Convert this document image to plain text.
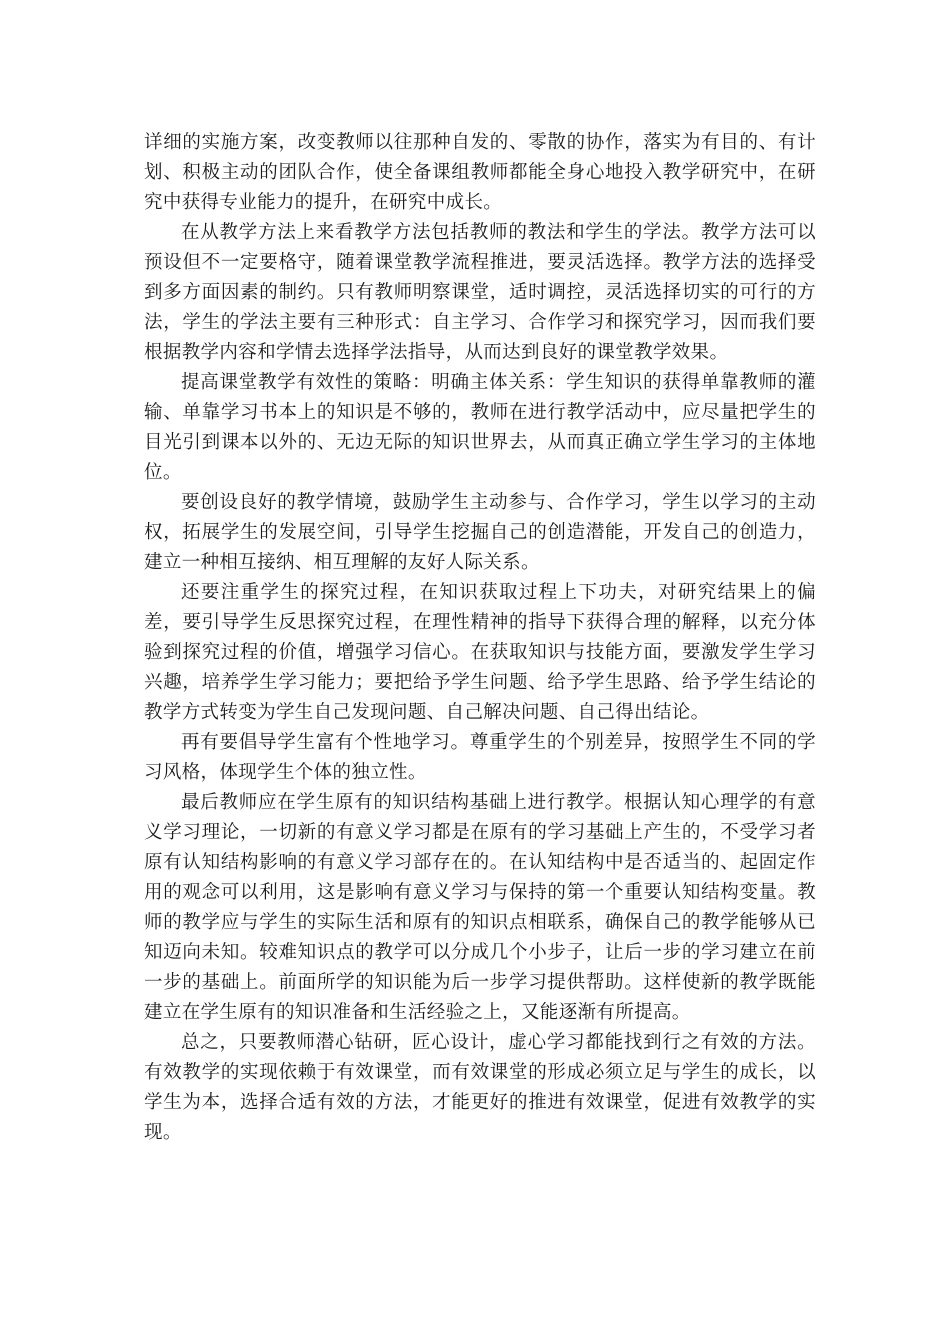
详细的实施方案，改变教师以往那种自发的、零散的协作，落实为有目的、有计划、积极主动的团队合作，使全备课组教师都能全身心地投入教学研究中，在研究中获得专业能力的提升，在研究中成长。

在从教学方法上来看教学方法包括教师的教法和学生的学法。教学方法可以预设但不一定要格守，随着课堂教学流程推进，要灵活选择。教学方法的选择受到多方面因素的制约。只有教师明察课堂，适时调控，灵活选择切实的可行的方法，学生的学法主要有三种形式：自主学习、合作学习和探究学习，因而我们要根据教学内容和学情去选择学法指导，从而达到良好的课堂教学效果。

提高课堂教学有效性的策略：明确主体关系：学生知识的获得单靠教师的灌输、单靠学习书本上的知识是不够的，教师在进行教学活动中，应尽量把学生的目光引到课本以外的、无边无际的知识世界去，从而真正确立学生学习的主体地位。

要创设良好的教学情境，鼓励学生主动参与、合作学习，学生以学习的主动权，拓展学生的发展空间，引导学生挖掘自己的创造潜能，开发自己的创造力，建立一种相互接纳、相互理解的友好人际关系。

还要注重学生的探究过程，在知识获取过程上下功夫，对研究结果上的偏差，要引导学生反思探究过程，在理性精神的指导下获得合理的解释，以充分体验到探究过程的价值，增强学习信心。在获取知识与技能方面，要激发学生学习兴趣，培养学生学习能力；要把给予学生问题、给予学生思路、给予学生结论的教学方式转变为学生自己发现问题、自己解决问题、自己得出结论。

再有要倡导学生富有个性地学习。尊重学生的个别差异，按照学生不同的学习风格，体现学生个体的独立性。

最后教师应在学生原有的知识结构基础上进行教学。根据认知心理学的有意义学习理论，一切新的有意义学习都是在原有的学习基础上产生的，不受学习者原有认知结构影响的有意义学习部存在的。在认知结构中是否适当的、起固定作用的观念可以利用，这是影响有意义学习与保持的第一个重要认知结构变量。教师的教学应与学生的实际生活和原有的知识点相联系，确保自己的教学能够从已知迈向未知。较难知识点的教学可以分成几个小步子，让后一步的学习建立在前一步的基础上。前面所学的知识能为后一步学习提供帮助。这样使新的教学既能建立在学生原有的知识准备和生活经验之上，又能逐渐有所提高。

总之，只要教师潜心钻研，匠心设计，虚心学习都能找到行之有效的方法。有效教学的实现依赖于有效课堂，而有效课堂的形成必须立足与学生的成长，以学生为本，选择合适有效的方法，才能更好的推进有效课堂，促进有效教学的实现。
